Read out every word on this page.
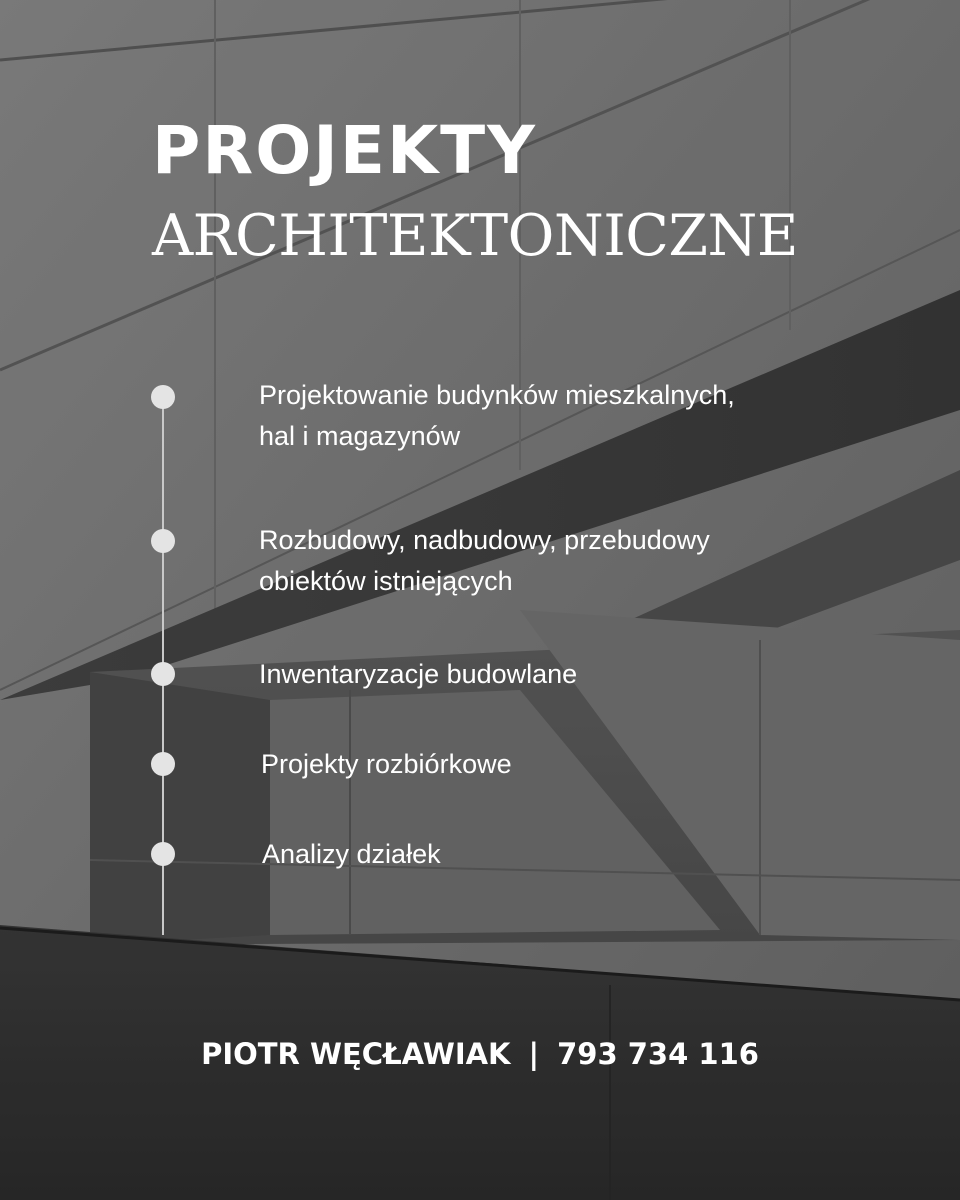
PROJEKTY
ARCHITEKTONICZNE

Projektowanie budynków mieszkalnych,
hal i magazynów

Rozbudowy, nadbudowy, przebudowy
obiektów istniejących

Inwentaryzacje budowlane

Projekty rozbiórkowe

Analizy działek

PIOTR WĘCŁAWIAK | 793 734 116
